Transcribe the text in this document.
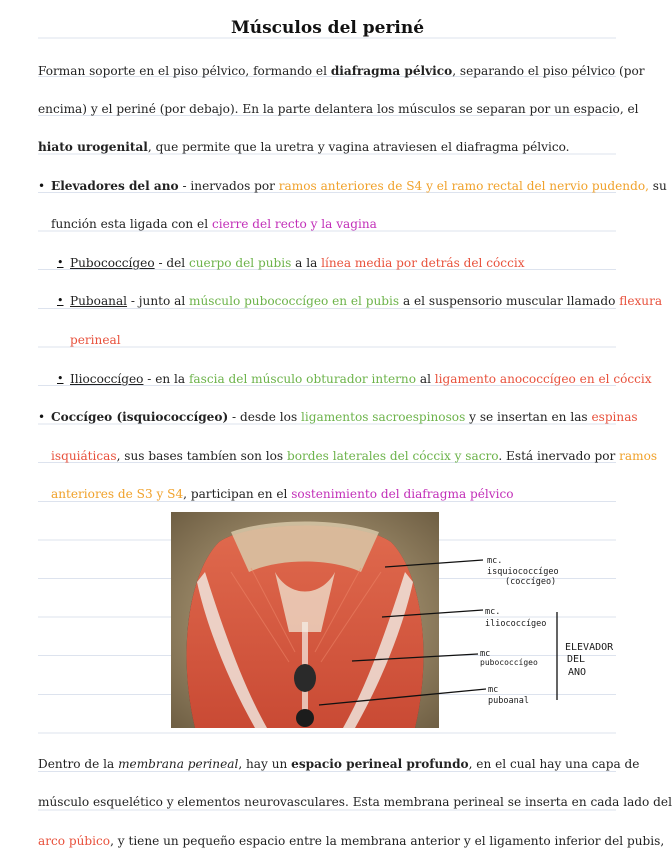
Músculos del periné
Forman soporte en el piso pélvico, formando el diafragma pélvico, separando el piso pélvico (por
encima) y el periné (por debajo). En la parte delantera los músculos se separan por un espacio, el
hiato urogenital, que permite que la uretra y vagina atraviesen el diafragma pélvico.
• Elevadores del ano - inervados por ramos anteriores de S4 y el ramo rectal del nervio pudendo, su
función esta ligada con el cierre del recto y la vagina
• Pubococcígeo - del cuerpo del pubis a la línea media por detrás del cóccix
• Puboanal - junto al músculo pubococcígeo en el pubis a el suspensorio muscular llamado flexura
perineal
• Iliococcígeo - en la fascia del músculo obturador interno al ligamento anococcígeo en el cóccix
• Coccígeo (isquiococcígeo) - desde los ligamentos sacroespinosos y se insertan en las espinas
isquiáticas, sus bases tambíen son los bordes laterales del cóccix y sacro. Está inervado por ramos
anteriores de S3 y S4, participan en el sostenimiento del diafragma pélvico
mc.
isquiococcígeo
(coccígeo)
mc.
iliococcígeo
mc
pubococcígeo
mc
puboanal
ELEVADOR
DEL
ANO
Dentro de la membrana perineal, hay un espacio perineal profundo, en el cual hay una capa de
músculo esquelético y elementos neurovasculares. Esta membrana perineal se inserta en cada lado del
arco púbico, y tiene un pequeño espacio entre la membrana anterior y el ligamento inferior del pubis,
